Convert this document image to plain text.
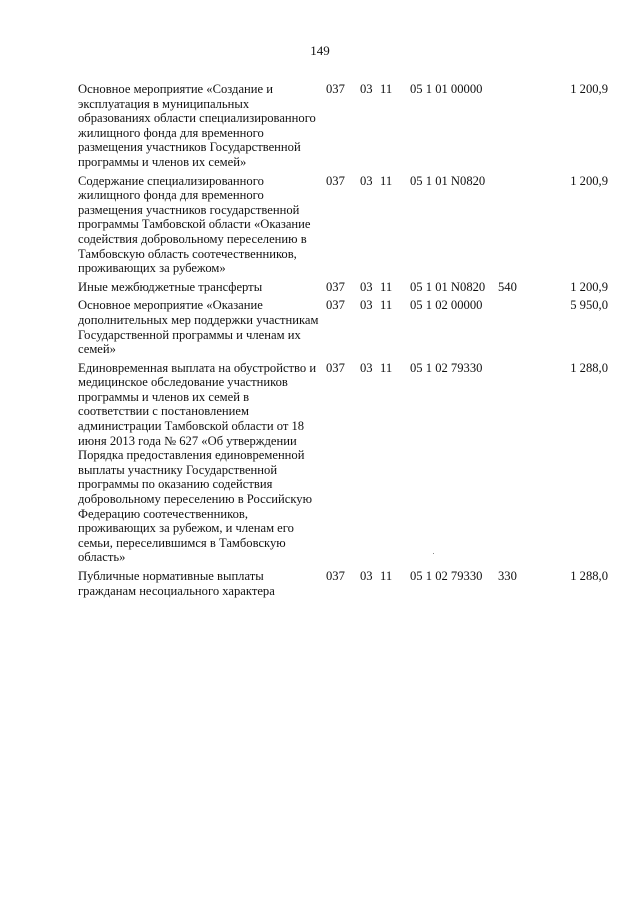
149
Основное мероприятие «Создание и эксплуатация в муниципальных образованиях области специализированного жилищного фонда для временного размещения участников Государственной программы и членов их семей»	037	03	11	05 1 01 00000		1 200,9
Содержание специализированного жилищного фонда для временного размещения участников государственной программы Тамбовской области «Оказание содействия добровольному переселению в Тамбовскую область соотечественников, проживающих за рубежом»	037	03	11	05 1 01 N0820		1 200,9
Иные межбюджетные трансферты	037	03	11	05 1 01 N0820	540	1 200,9
Основное мероприятие «Оказание дополнительных мер поддержки участникам Государственной программы и членам их семей»	037	03	11	05 1 02 00000		5 950,0
Единовременная выплата на обустройство и медицинское обследование участников программы и членов их семей в соответствии с постановлением администрации Тамбовской области от 18 июня 2013 года № 627 «Об утверждении Порядка предоставления единовременной выплаты участнику Государственной программы по оказанию содействия добровольному переселению в Российскую Федерацию соотечественников, проживающих за рубежом, и членам его семьи, переселившимся в Тамбовскую область»	037	03	11	05 1 02 79330		1 288,0
Публичные нормативные выплаты гражданам несоциального характера	037	03	11	05 1 02 79330	330	1 288,0
